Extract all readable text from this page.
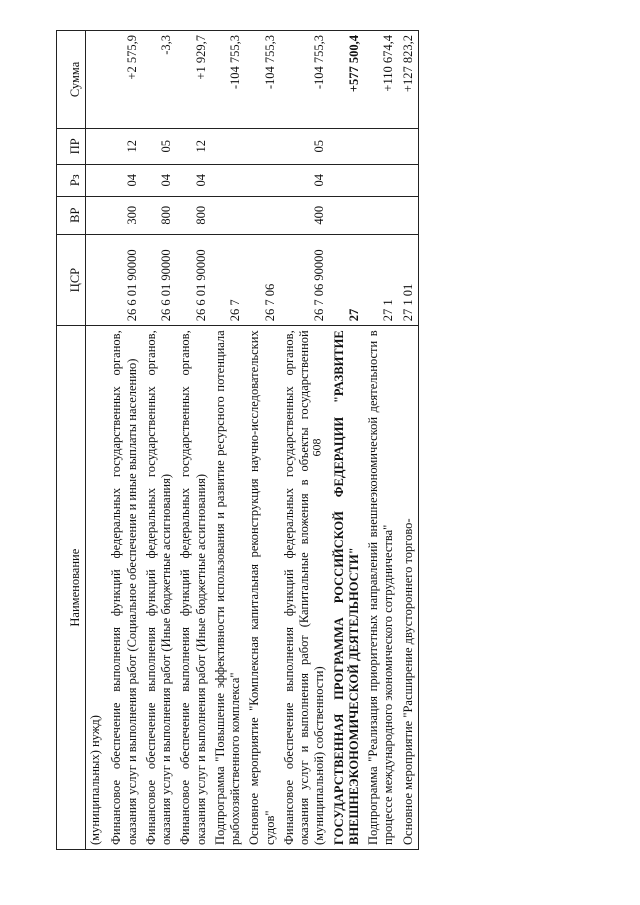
608
Наименование	ЦСР	ВР	Рз	ПР	Сумма
(муниципальных) нужд)					
Финансовое обеспечение выполнения функций федеральных государственных органов, оказания услуг и выполнения работ (Социальное обеспечение и иные выплаты населению)	26 6 01 90000	300	04	12	+2 575,9
Финансовое обеспечение выполнения функций федеральных государственных органов, оказания услуг и выполнения работ (Иные бюджетные ассигнования)	26 6 01 90000	800	04	05	-3,3
Финансовое обеспечение выполнения функций федеральных государственных органов, оказания услуг и выполнения работ (Иные бюджетные ассигнования)	26 6 01 90000	800	04	12	+1 929,7
Подпрограмма "Повышение эффективности использования и развитие ресурсного потенциала рыбохозяйственного комплекса"	26 7				-104 755,3
Основное мероприятие "Комплексная капитальная реконструкция научно-исследовательских судов"	26 7 06				-104 755,3
Финансовое обеспечение выполнения функций федеральных государственных органов, оказания услуг и выполнения работ (Капитальные вложения в объекты государственной (муниципальной) собственности)	26 7 06 90000	400	04	05	-104 755,3
ГОСУДАРСТВЕННАЯ ПРОГРАММА РОССИЙСКОЙ ФЕДЕРАЦИИ "РАЗВИТИЕ ВНЕШНЕЭКОНОМИЧЕСКОЙ ДЕЯТЕЛЬНОСТИ"	27				+577 500,4
Подпрограмма "Реализация приоритетных направлений внешнеэкономической деятельности в процессе международного экономического сотрудничества"	27 1				+110 674,4
Основное мероприятие "Расширение двустороннего торгово-	27 1 01				+127 823,2
